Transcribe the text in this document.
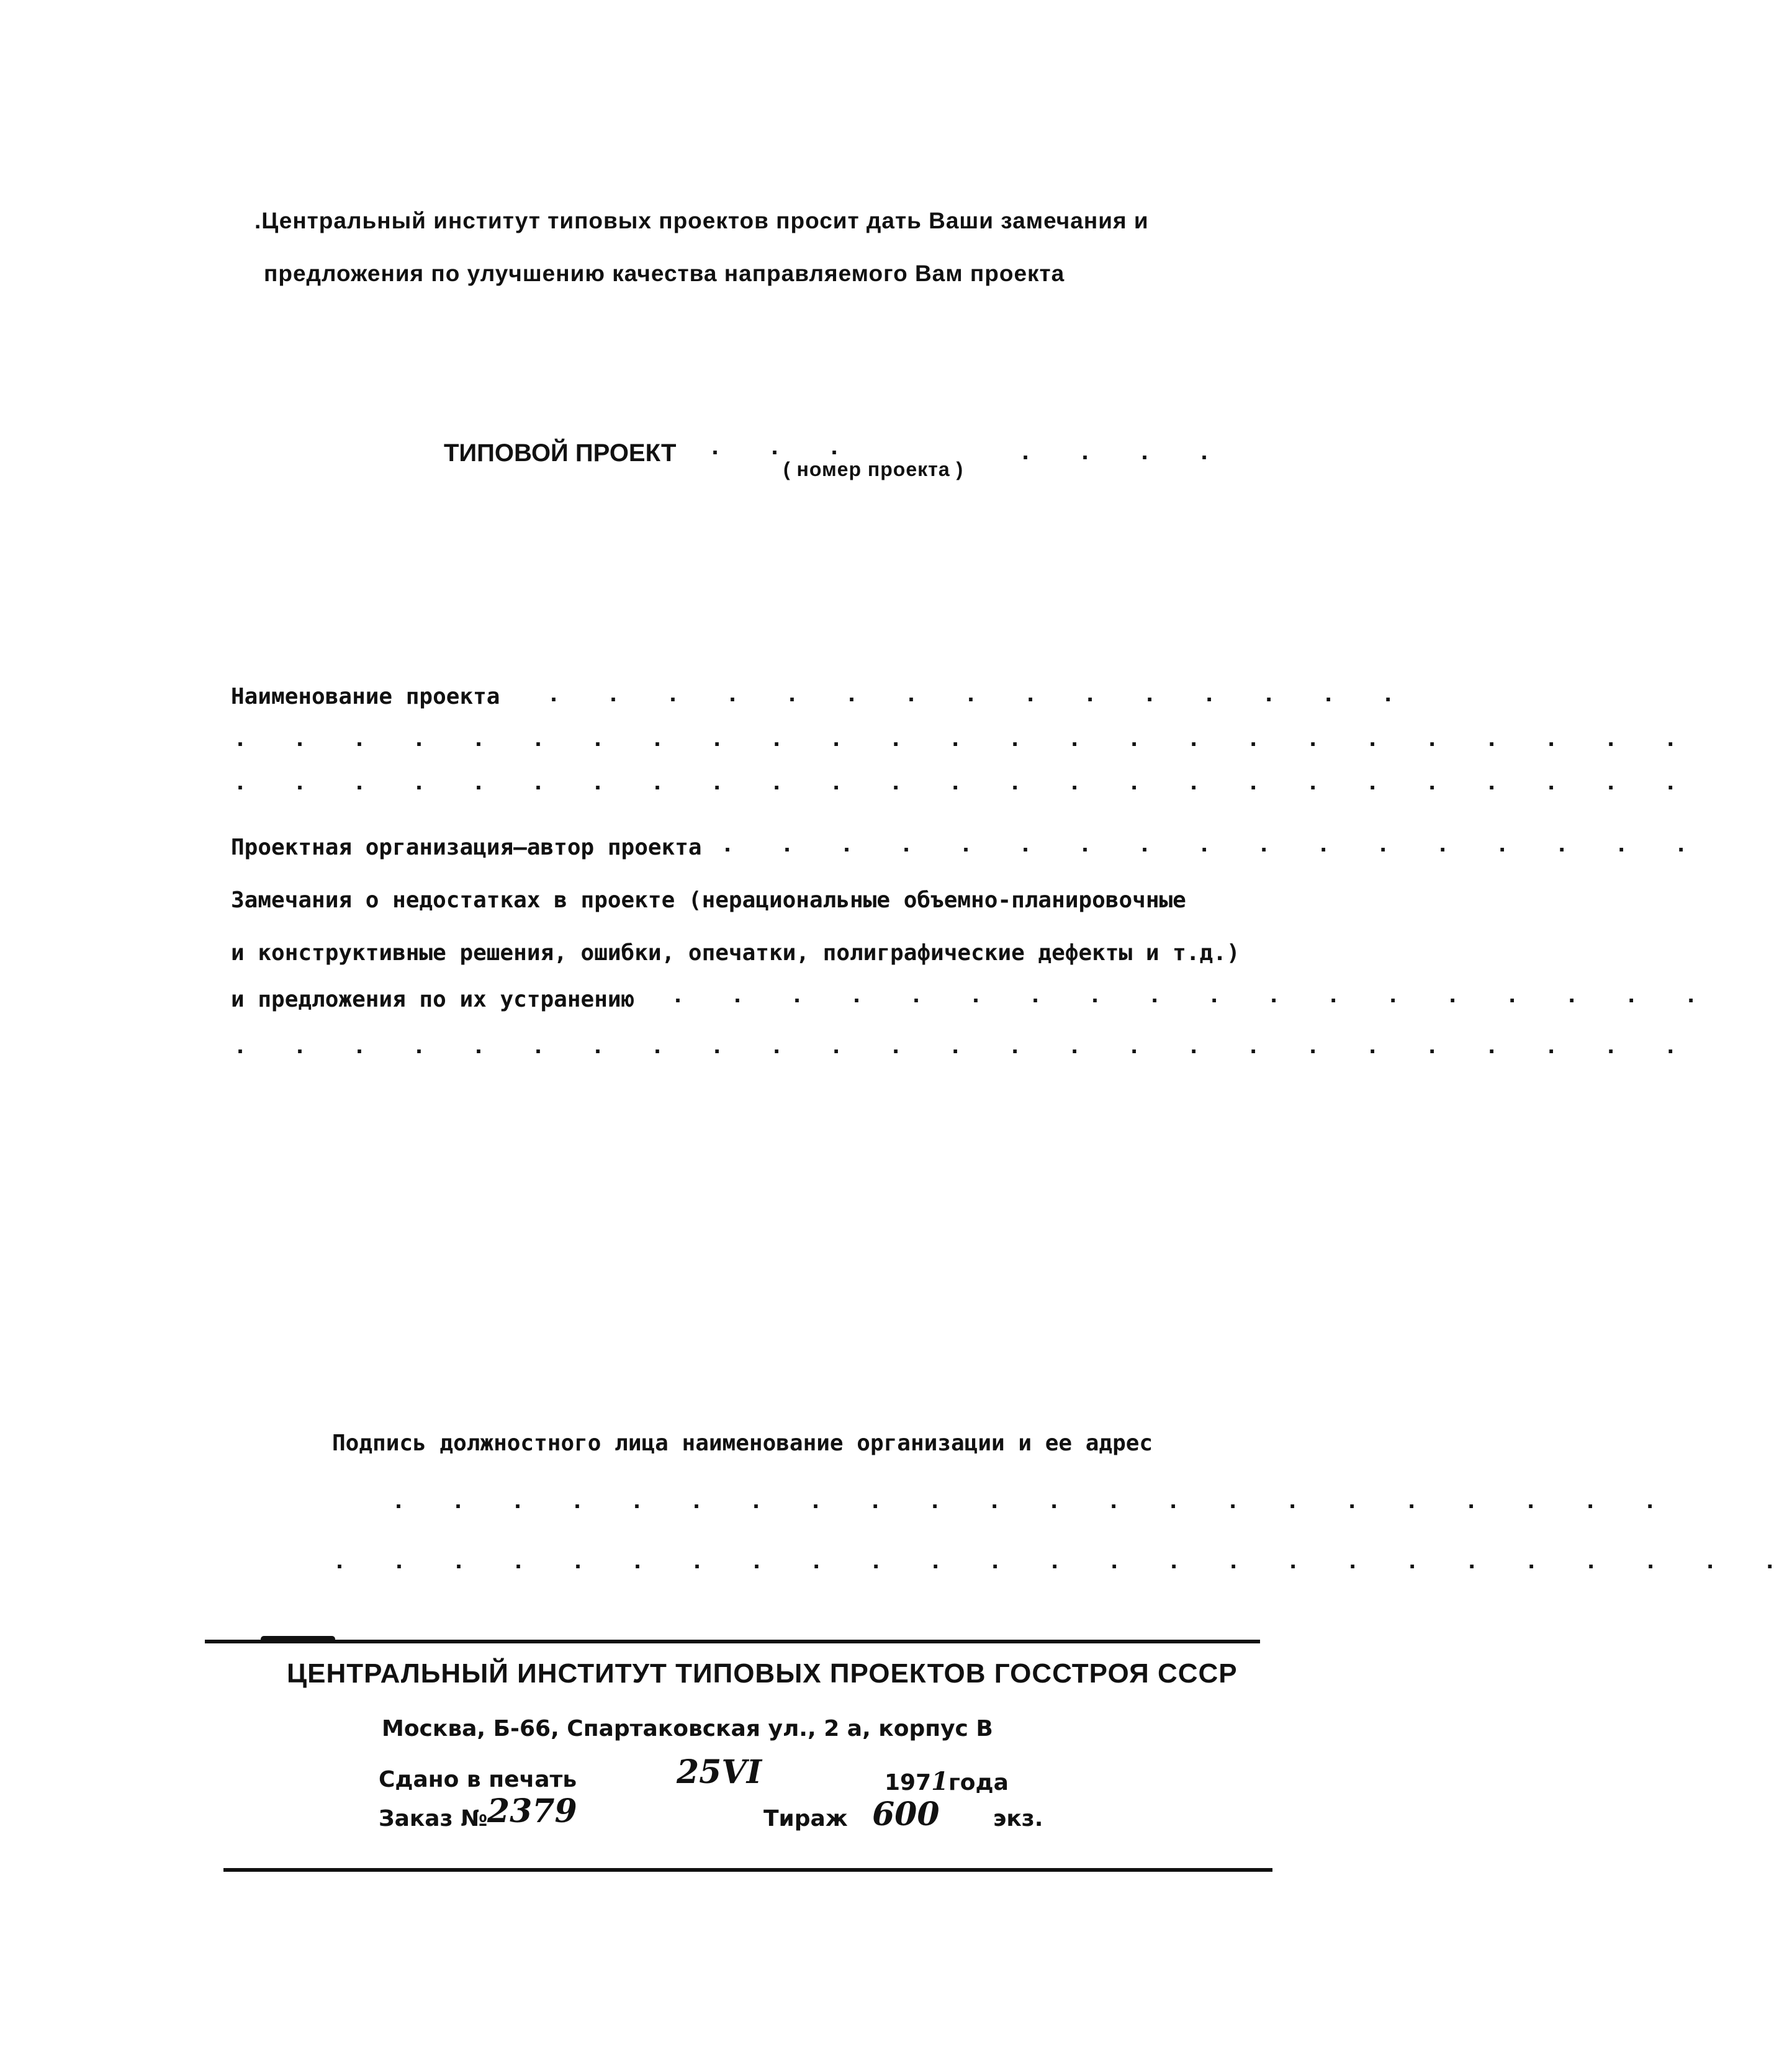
.Центральный институт типовых проектов просит дать Ваши замечания и
предложения по улучшению качества направляемого Вам проекта
ТИПОВОЙ ПРОЕКТ . . .
( номер проекта )
. . . .
Наименование проекта . . . . . . . . . . . . . . .
. . . . . . . . . . . . . . . . . . . . . . . . .
. . . . . . . . . . . . . . . . . . . . . . . . .
Проектная организация—автор проекта . . . . . . . . . . . . . . . . .
Замечания о недостатках в проекте (нерациональные объемно-планировочные
и конструктивные решения, ошибки, опечатки, полиграфические дефекты и т.д.)
и предложения по их устранению . . . . . . . . . . . . . . . . . .
. . . . . . . . . . . . . . . . . . . . . . . . .
Подпись должностного лица наименование организации и ее адрес
. . . . . . . . . . . . . . . . . . . . . .
. . . . . . . . . . . . . . . . . . . . . . . . .
ЦЕНТРАЛЬНЫЙ ИНСТИТУТ ТИПОВЫХ ПРОЕКТОВ ГОССТРОЯ СССР
Москва, Б-66, Спартаковская ул., 2 а, корпус В
Сдано в печать	25VI	1971года
Заказ № 2379	Тираж 600 экз.
